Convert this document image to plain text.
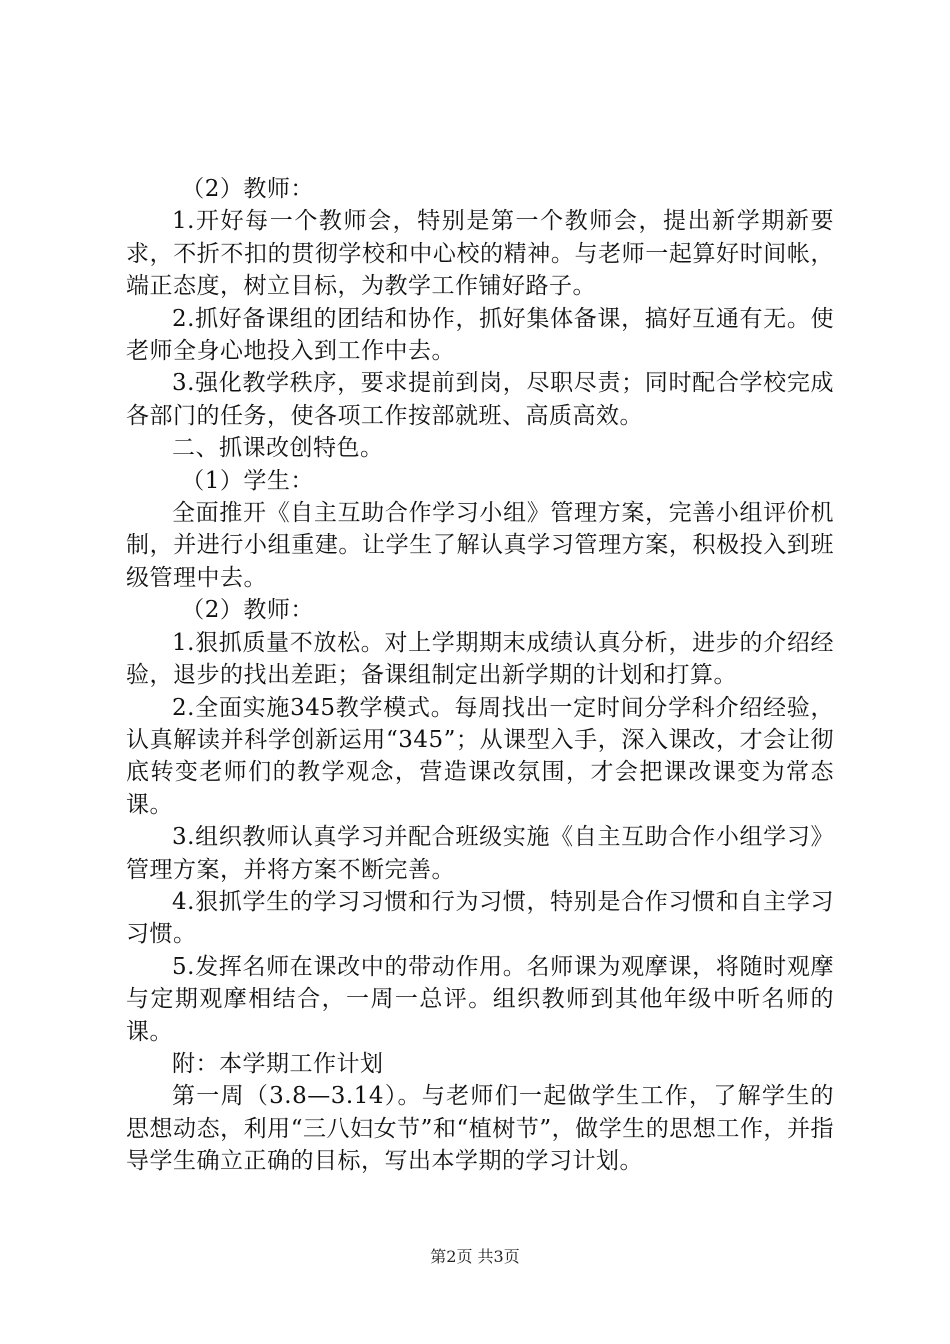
（2）教师：

1.开好每一个教师会，特别是第一个教师会，提出新学期新要求，不折不扣的贯彻学校和中心校的精神。与老师一起算好时间帐，端正态度，树立目标，为教学工作铺好路子。

2.抓好备课组的团结和协作，抓好集体备课，搞好互通有无。使老师全身心地投入到工作中去。

3.强化教学秩序，要求提前到岗，尽职尽责；同时配合学校完成各部门的任务，使各项工作按部就班、高质高效。

二、抓课改创特色。

（1）学生：

全面推开《自主互助合作学习小组》管理方案，完善小组评价机制，并进行小组重建。让学生了解认真学习管理方案，积极投入到班级管理中去。

（2）教师：

1.狠抓质量不放松。对上学期期末成绩认真分析，进步的介绍经验，退步的找出差距；备课组制定出新学期的计划和打算。

2.全面实施345教学模式。每周找出一定时间分学科介绍经验，认真解读并科学创新运用“345”；从课型入手，深入课改，才会让彻底转变老师们的教学观念，营造课改氛围，才会把课改课变为常态课。

3.组织教师认真学习并配合班级实施《自主互助合作小组学习》管理方案，并将方案不断完善。

4.狠抓学生的学习习惯和行为习惯，特别是合作习惯和自主学习习惯。

5.发挥名师在课改中的带动作用。名师课为观摩课，将随时观摩与定期观摩相结合，一周一总评。组织教师到其他年级中听名师的课。

附：本学期工作计划

第一周（3.8—3.14）。与老师们一起做学生工作，了解学生的思想动态，利用“三八妇女节”和“植树节”，做学生的思想工作，并指导学生确立正确的目标，写出本学期的学习计划。

第2页 共3页
